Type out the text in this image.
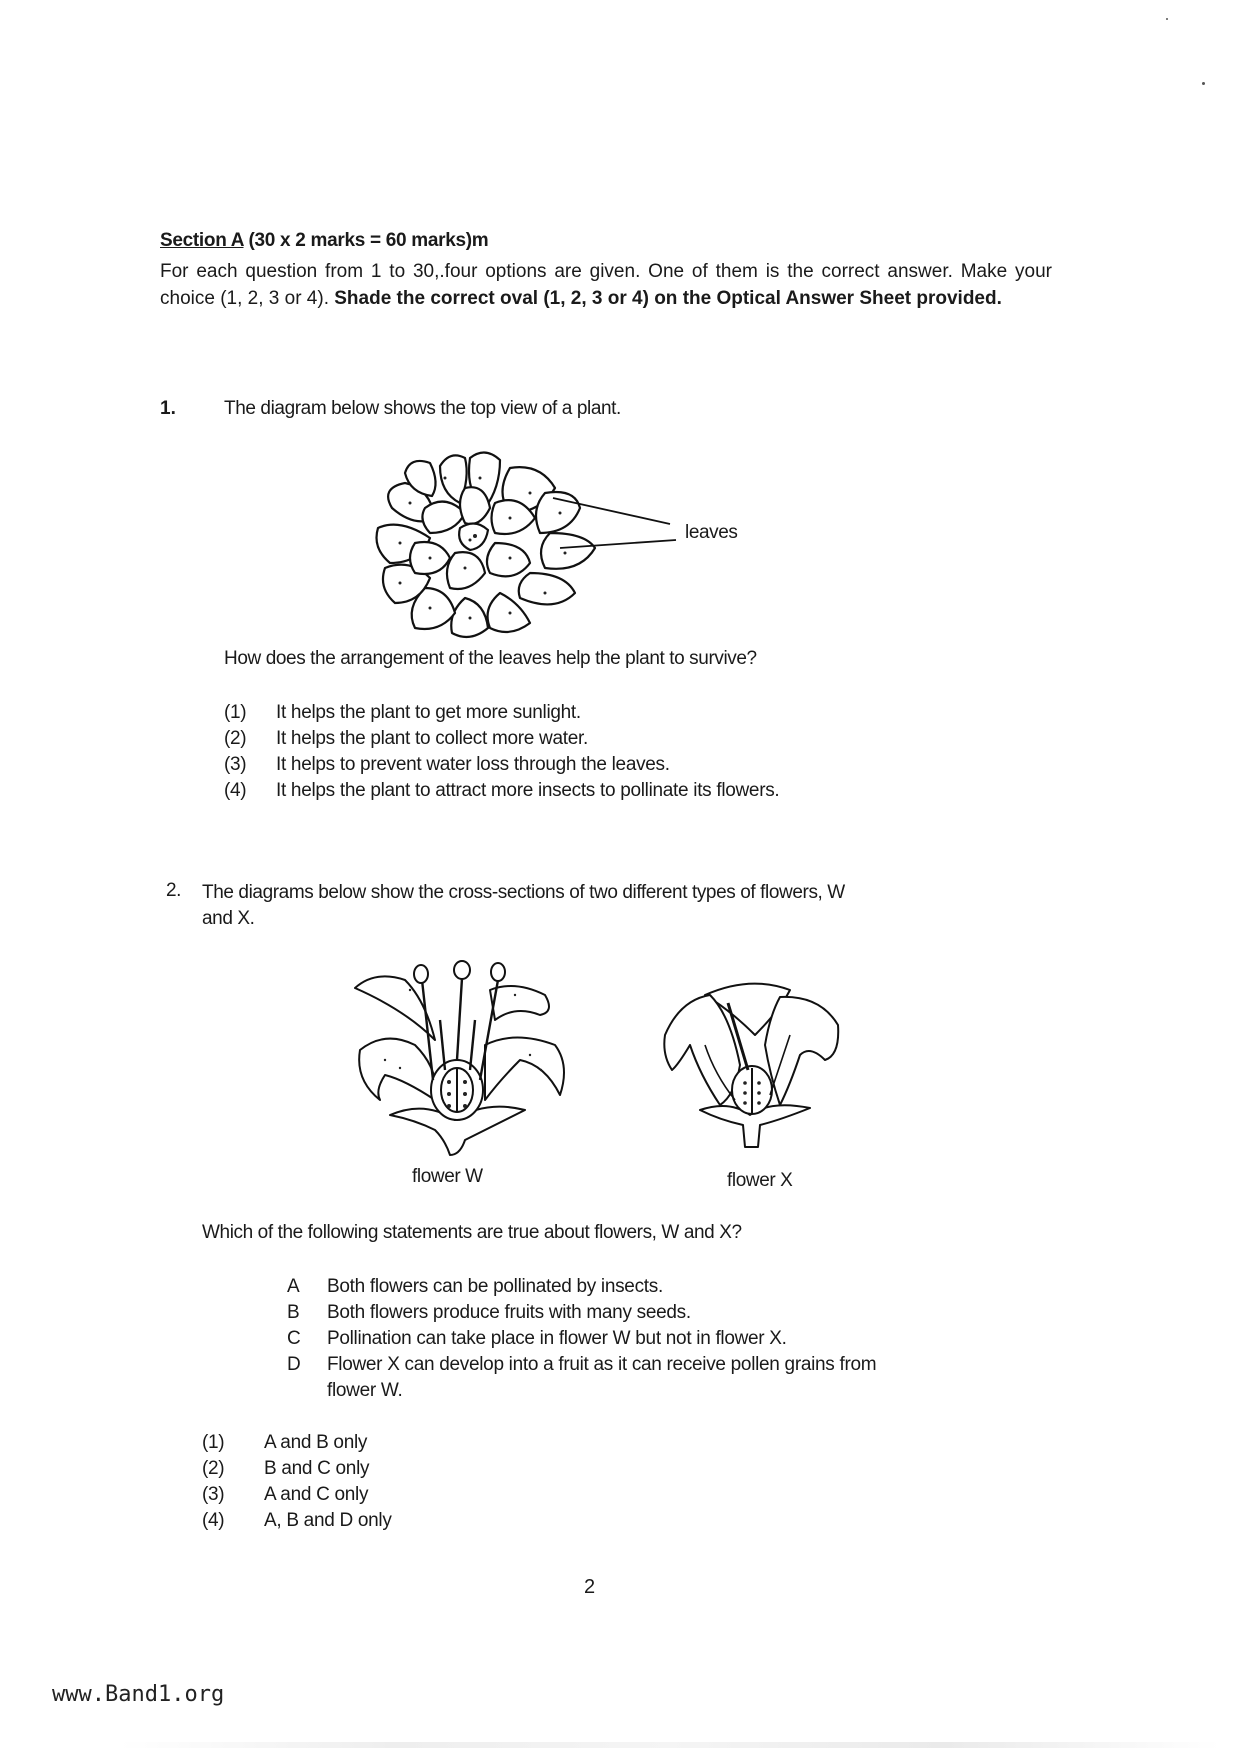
Section A (30 x 2 marks = 60 marks)m
For each question from 1 to 30,.four options are given. One of them is the correct answer. Make your choice (1, 2, 3 or 4). Shade the correct oval (1, 2, 3 or 4) on the Optical Answer Sheet provided.
1.	The diagram below shows the top view of a plant.
leaves
How does the arrangement of the leaves help the plant to survive?
(1)	It helps the plant to get more sunlight.
(2)	It helps the plant to collect more water.
(3)	It helps to prevent water loss through the leaves.
(4)	It helps the plant to attract more insects to pollinate its flowers.
2. The diagrams below show the cross-sections of two different types of flowers, W
and X.
flower W	flower X
Which of the following statements are true about flowers, W and X?
A	Both flowers can be pollinated by insects.
B	Both flowers produce fruits with many seeds.
C	Pollination can take place in flower W but not in flower X.
D	Flower X can develop into a fruit as it can receive pollen grains from
flower W.
(1)	A and B only
(2)	B and C only
(3)	A and C only
(4)	A, B and D only
2
www.Band1.org
